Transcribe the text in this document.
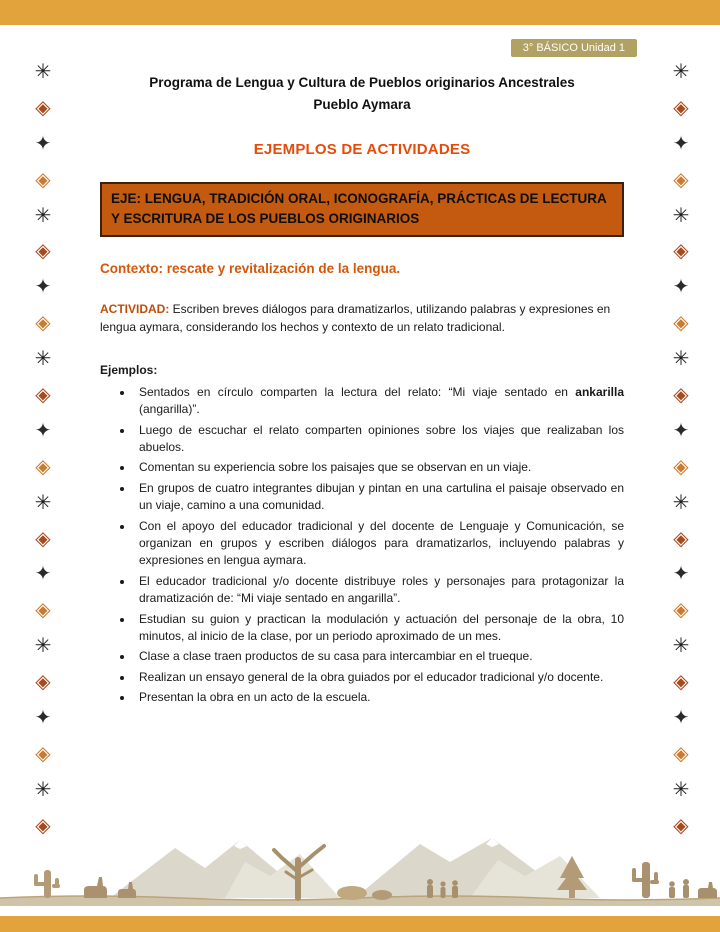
3° BÁSICO Unidad 1
✳
◈
✦
◈
✳
◈
✦
◈
✳
◈
✦
◈
✳
◈
✦
◈
✳
◈
✦
◈
✳
◈
✳
◈
✦
◈
✳
◈
✦
◈
✳
◈
✦
◈
✳
◈
✦
◈
✳
◈
✦
◈
✳
◈
Programa de Lengua y Cultura de Pueblos originarios Ancestrales
Pueblo Aymara
EJEMPLOS DE ACTIVIDADES
EJE: LENGUA, TRADICIÓN ORAL, ICONOGRAFÍA, PRÁCTICAS DE LECTURA Y ESCRITURA DE LOS PUEBLOS ORIGINARIOS
Contexto: rescate y revitalización de la lengua.

ACTIVIDAD: Escriben breves diálogos para dramatizarlos, utilizando palabras y expresiones en lengua aymara, considerando los hechos y contexto de un relato tradicional.

Ejemplos:
• Sentados en círculo comparten la lectura del relato: “Mi viaje sentado en ankarilla (angarilla)”.
• Luego de escuchar el relato comparten opiniones sobre los viajes que realizaban los abuelos.
• Comentan su experiencia sobre los paisajes que se observan en un viaje.
• En grupos de cuatro integrantes dibujan y pintan en una cartulina el paisaje observado en un viaje, camino a una comunidad.
• Con el apoyo del educador tradicional y del docente de Lenguaje y Comunicación, se organizan en grupos y escriben diálogos para dramatizarlos, incluyendo palabras y expresiones en lengua aymara.
• El educador tradicional y/o docente distribuye roles y personajes para protagonizar la dramatización de: “Mi viaje sentado en angarilla”.
• Estudian su guion y practican la modulación y actuación del personaje de la obra, 10 minutos, al inicio de la clase, por un periodo aproximado de un mes.
• Clase a clase traen productos de su casa para intercambiar en el trueque.
• Realizan un ensayo general de la obra guiados por el educador tradicional y/o docente.
• Presentan la obra en un acto de la escuela.
